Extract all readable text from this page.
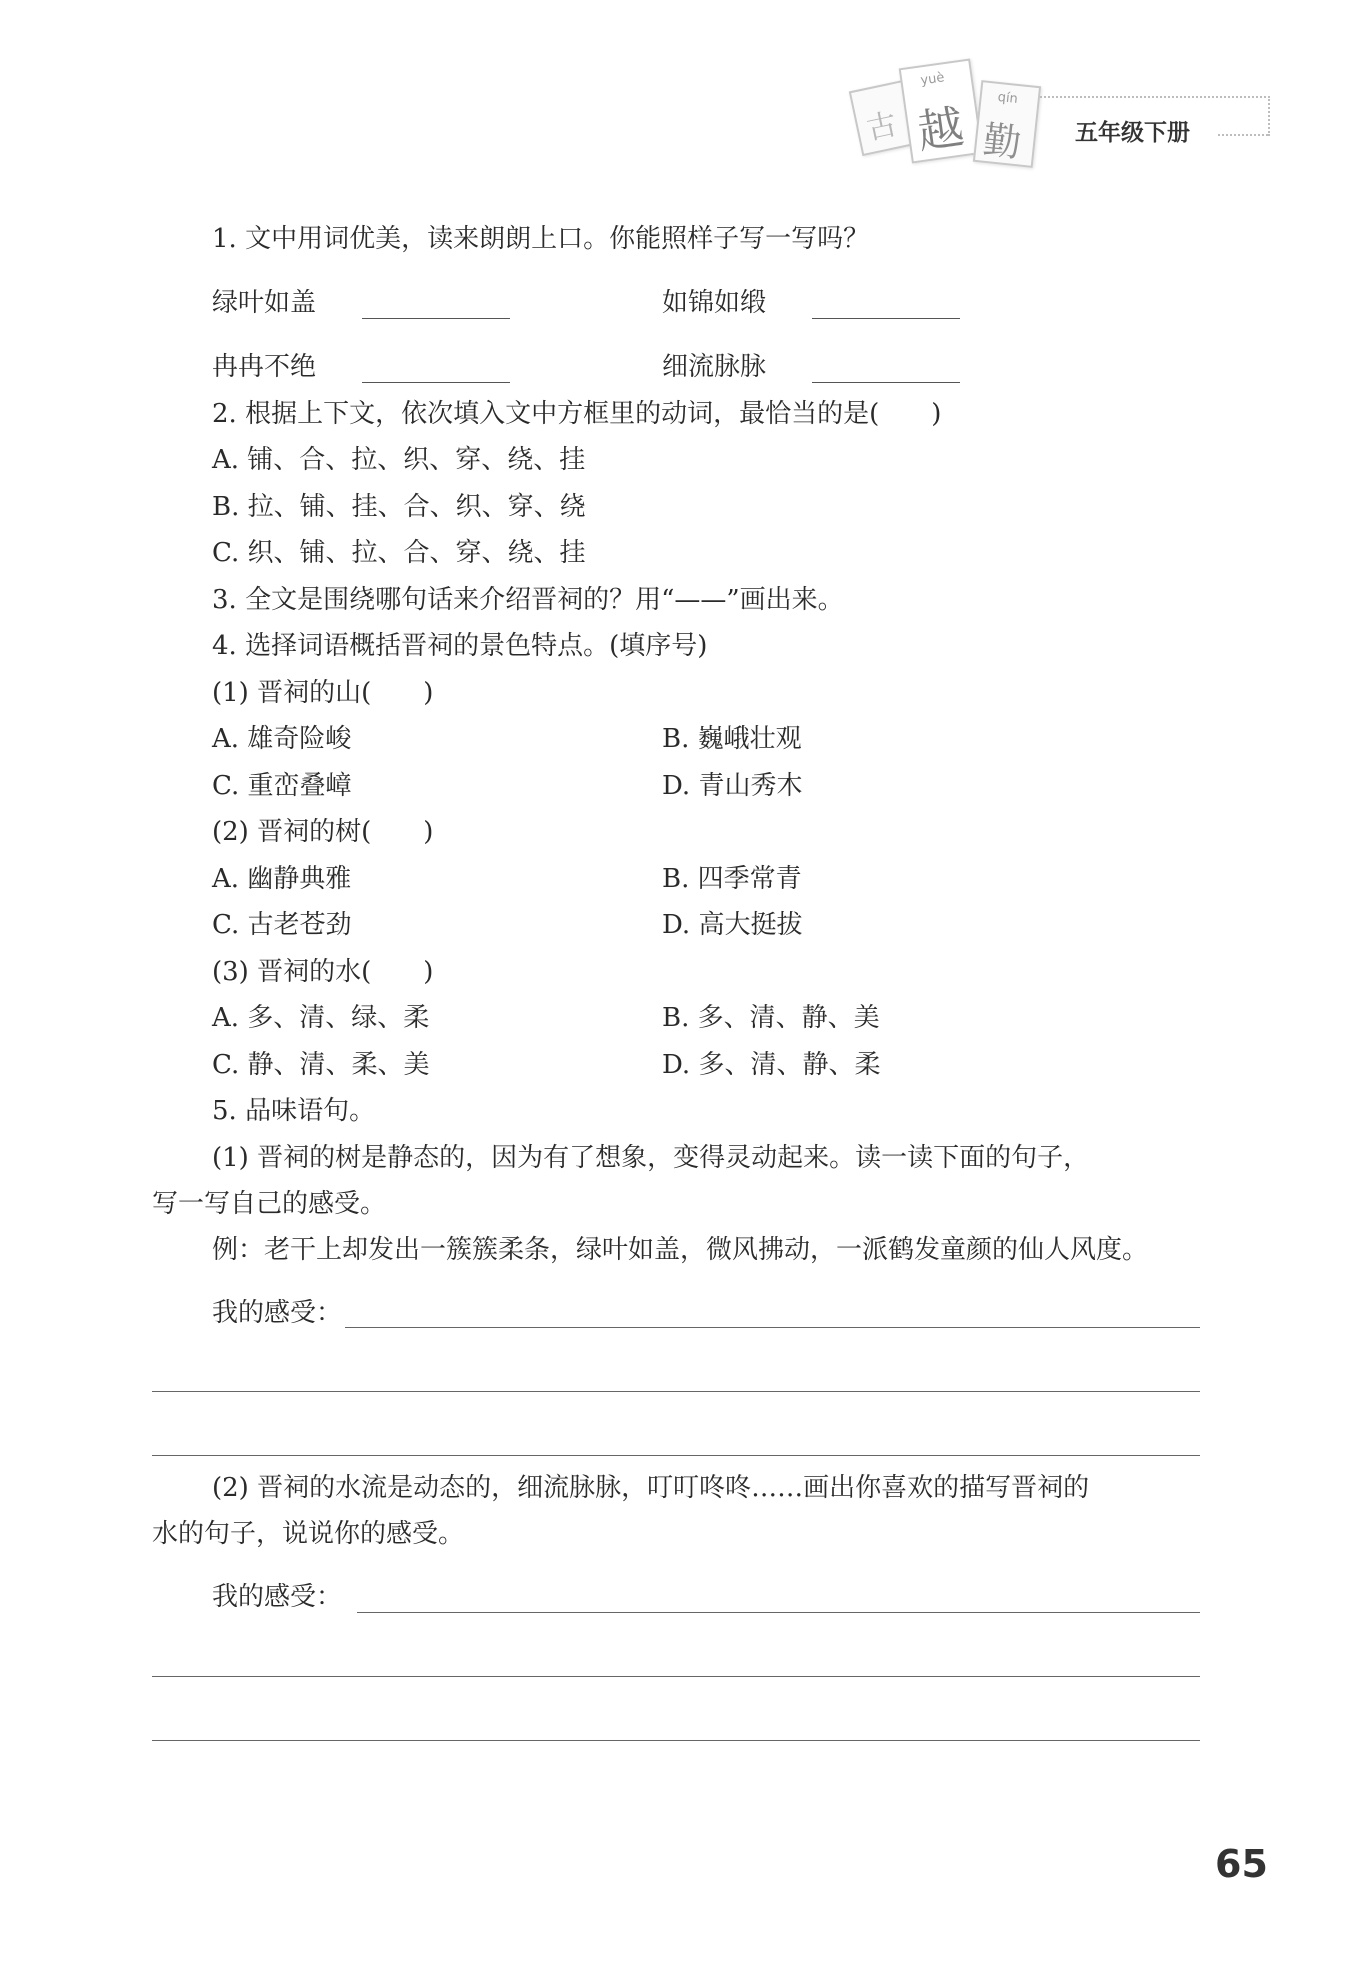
古
yuè
越
qín
勤 五年级下册
1. 文中用词优美，读来朗朗上口。你能照样子写一写吗？
绿叶如盖	如锦如缎
冉冉不绝	细流脉脉
2. 根据上下文，依次填入文中方框里的动词，最恰当的是(　　)
A. 铺、合、拉、织、穿、绕、挂
B. 拉、铺、挂、合、织、穿、绕
C. 织、铺、拉、合、穿、绕、挂
3. 全文是围绕哪句话来介绍晋祠的？用“——”画出来。
4. 选择词语概括晋祠的景色特点。(填序号)
(1) 晋祠的山(　　)
A. 雄奇险峻	B. 巍峨壮观
C. 重峦叠嶂	D. 青山秀木
(2) 晋祠的树(　　)
A. 幽静典雅	B. 四季常青
C. 古老苍劲	D. 高大挺拔
(3) 晋祠的水(　　)
A. 多、清、绿、柔	B. 多、清、静、美
C. 静、清、柔、美	D. 多、清、静、柔
5. 品味语句。
(1) 晋祠的树是静态的，因为有了想象，变得灵动起来。读一读下面的句子，
写一写自己的感受。
例：老干上却发出一簇簇柔条，绿叶如盖，微风拂动，一派鹤发童颜的仙人风度。
我的感受：
(2) 晋祠的水流是动态的，细流脉脉，叮叮咚咚……画出你喜欢的描写晋祠的
水的句子，说说你的感受。
我的感受：
65
